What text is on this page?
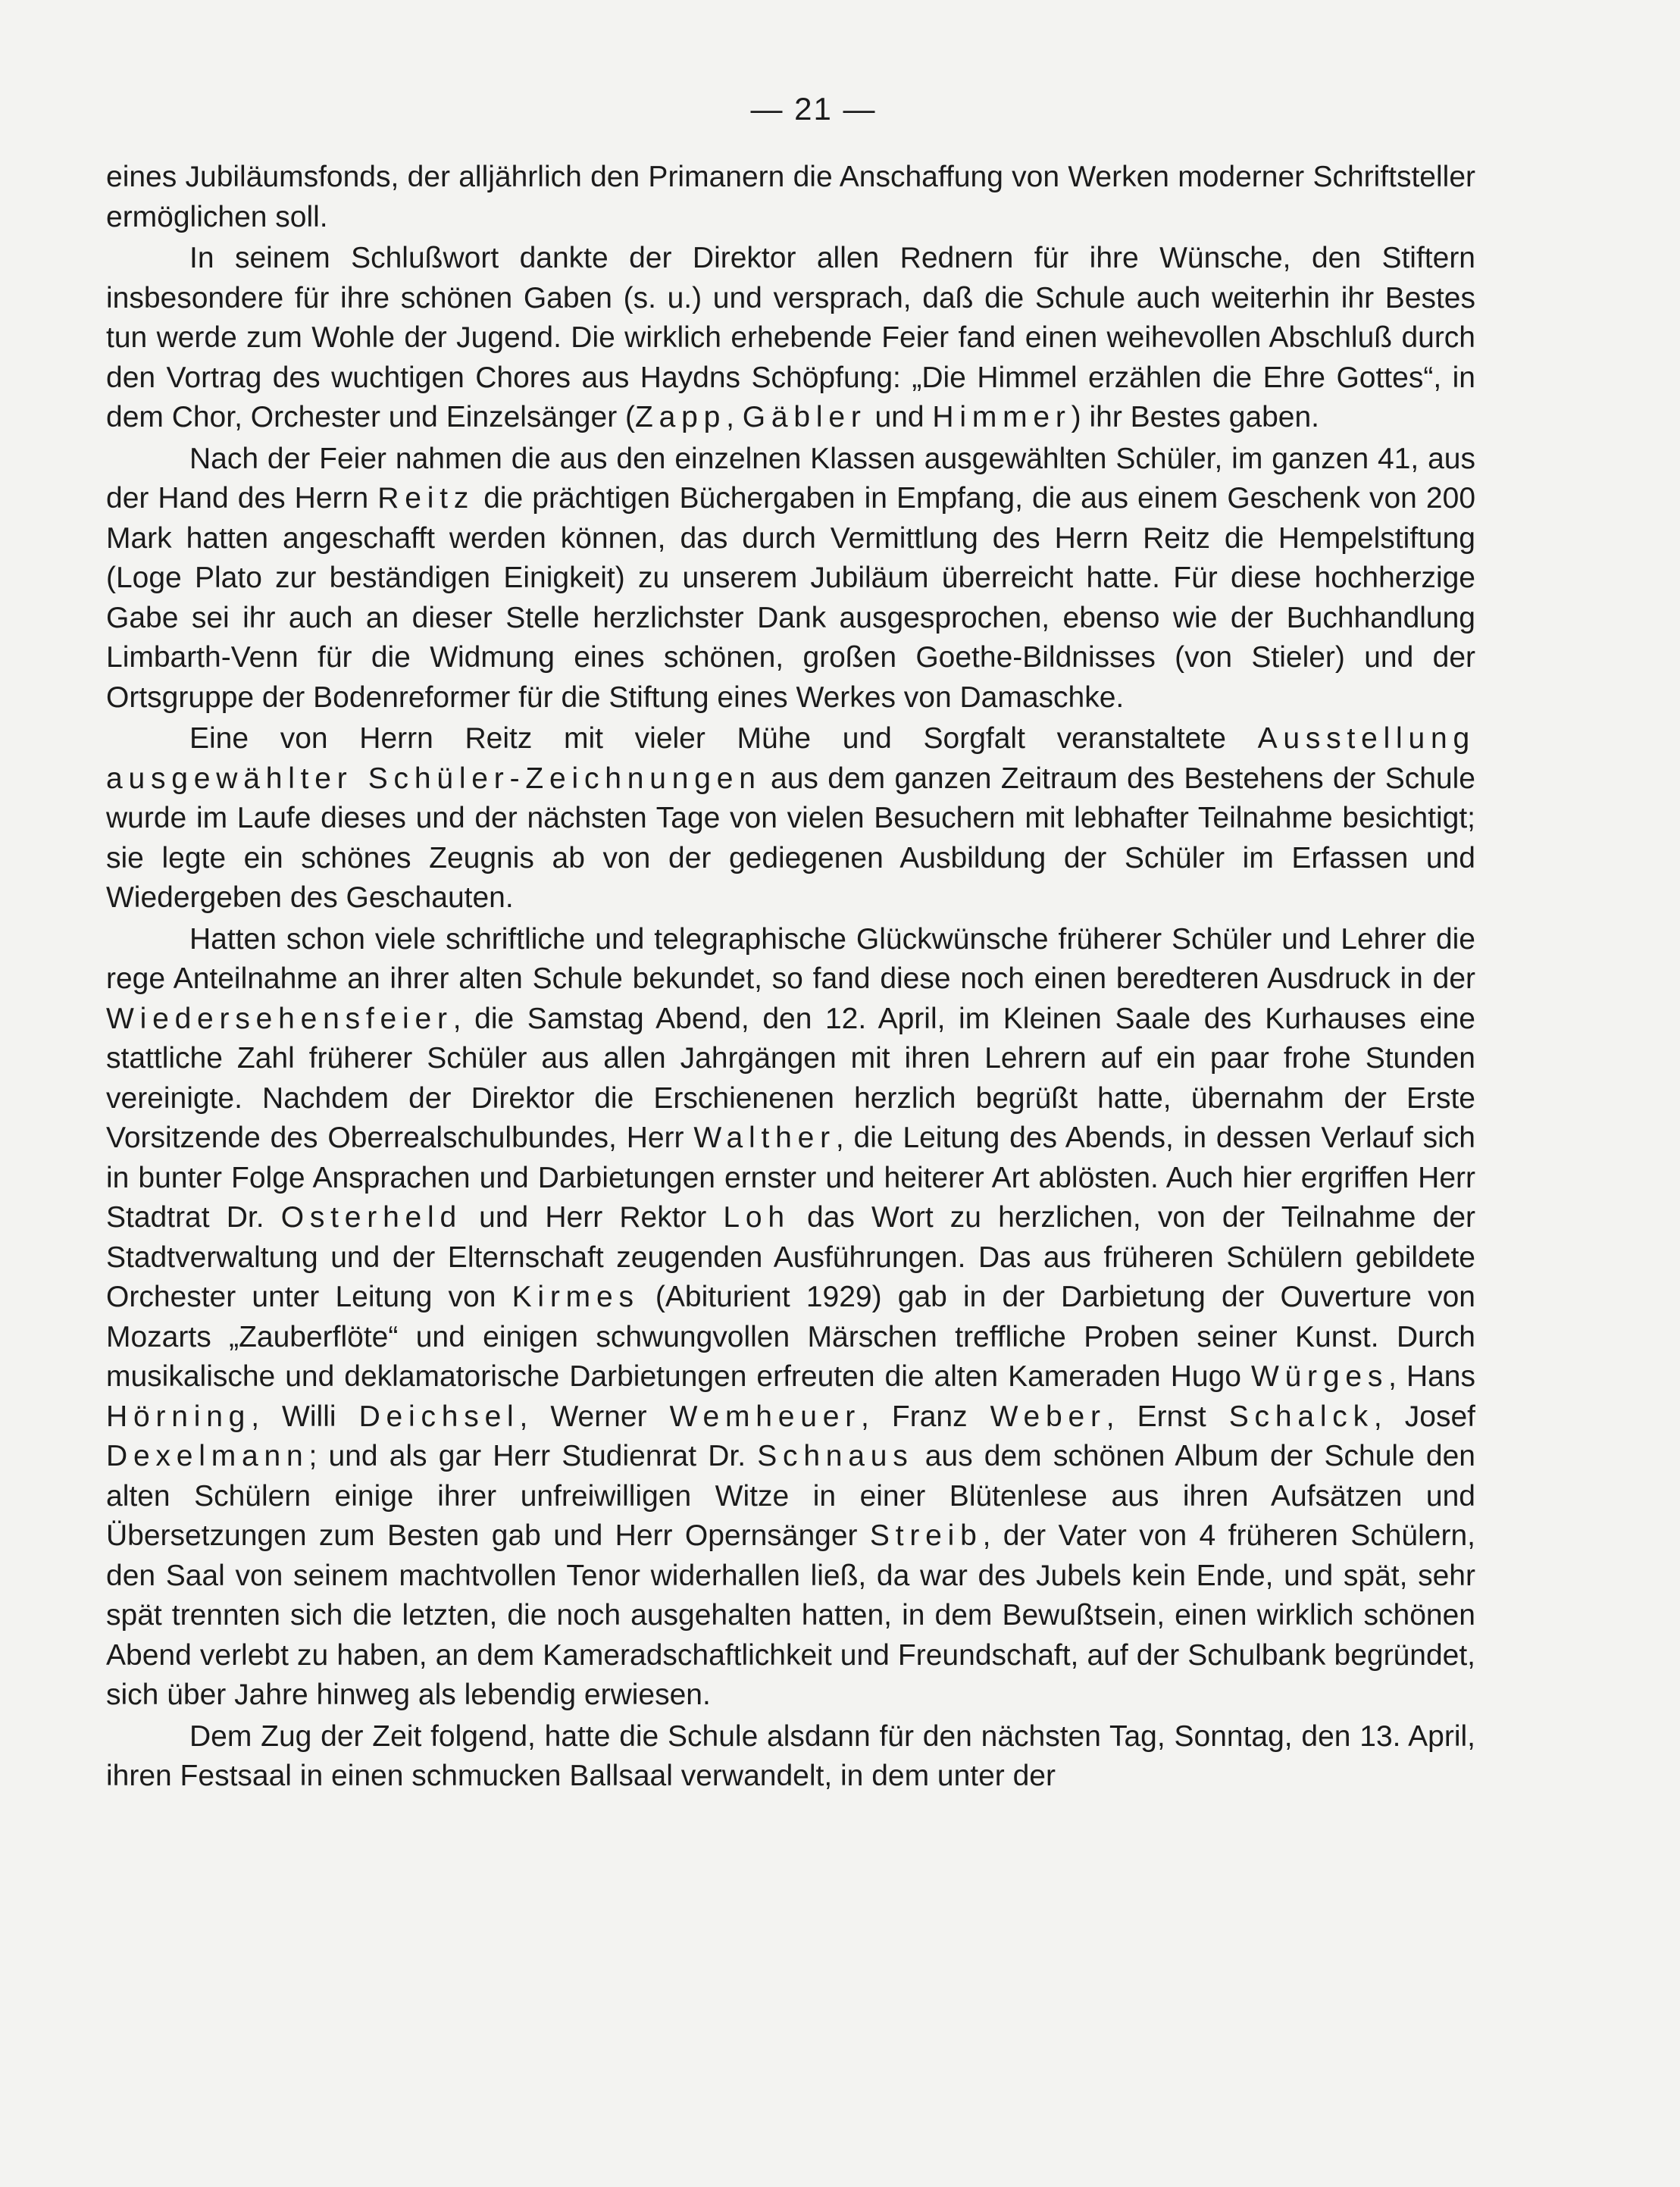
— 21 —

eines Jubiläumsfonds, der alljährlich den Primanern die Anschaffung von Werken moderner Schriftsteller ermöglichen soll.

In seinem Schlußwort dankte der Direktor allen Rednern für ihre Wünsche, den Stiftern insbesondere für ihre schönen Gaben (s. u.) und versprach, daß die Schule auch weiterhin ihr Bestes tun werde zum Wohle der Jugend. Die wirklich erhebende Feier fand einen weihevollen Abschluß durch den Vortrag des wuchtigen Chores aus Haydns Schöpfung: „Die Himmel erzählen die Ehre Gottes“, in dem Chor, Orchester und Einzelsänger (Zapp, Gäbler und Himmer) ihr Bestes gaben.

Nach der Feier nahmen die aus den einzelnen Klassen ausgewählten Schüler, im ganzen 41, aus der Hand des Herrn Reitz die prächtigen Büchergaben in Empfang, die aus einem Geschenk von 200 Mark hatten angeschafft werden können, das durch Vermittlung des Herrn Reitz die Hempelstiftung (Loge Plato zur beständigen Einigkeit) zu unserem Jubiläum überreicht hatte. Für diese hochherzige Gabe sei ihr auch an dieser Stelle herzlichster Dank ausgesprochen, ebenso wie der Buchhandlung Limbarth-Venn für die Widmung eines schönen, großen Goethe-Bildnisses (von Stieler) und der Ortsgruppe der Bodenreformer für die Stiftung eines Werkes von Damaschke.

Eine von Herrn Reitz mit vieler Mühe und Sorgfalt veranstaltete Ausstellung ausgewählter Schüler-Zeichnungen aus dem ganzen Zeitraum des Bestehens der Schule wurde im Laufe dieses und der nächsten Tage von vielen Besuchern mit lebhafter Teilnahme besichtigt; sie legte ein schönes Zeugnis ab von der gediegenen Ausbildung der Schüler im Erfassen und Wiedergeben des Geschauten.

Hatten schon viele schriftliche und telegraphische Glückwünsche früherer Schüler und Lehrer die rege Anteilnahme an ihrer alten Schule bekundet, so fand diese noch einen beredteren Ausdruck in der Wiedersehensfeier, die Samstag Abend, den 12. April, im Kleinen Saale des Kurhauses eine stattliche Zahl früherer Schüler aus allen Jahrgängen mit ihren Lehrern auf ein paar frohe Stunden vereinigte. Nachdem der Direktor die Erschienenen herzlich begrüßt hatte, übernahm der Erste Vorsitzende des Oberrealschulbundes, Herr Walther, die Leitung des Abends, in dessen Verlauf sich in bunter Folge Ansprachen und Darbietungen ernster und heiterer Art ablösten. Auch hier ergriffen Herr Stadtrat Dr. Osterheld und Herr Rektor Loh das Wort zu herzlichen, von der Teilnahme der Stadtverwaltung und der Elternschaft zeugenden Ausführungen. Das aus früheren Schülern gebildete Orchester unter Leitung von Kirmes (Abiturient 1929) gab in der Darbietung der Ouverture von Mozarts „Zauberflöte“ und einigen schwungvollen Märschen treffliche Proben seiner Kunst. Durch musikalische und deklamatorische Darbietungen erfreuten die alten Kameraden Hugo Würges, Hans Hörning, Willi Deichsel, Werner Wemheuer, Franz Weber, Ernst Schalck, Josef Dexelmann; und als gar Herr Studienrat Dr. Schnaus aus dem schönen Album der Schule den alten Schülern einige ihrer unfreiwilligen Witze in einer Blütenlese aus ihren Aufsätzen und Übersetzungen zum Besten gab und Herr Opernsänger Streib, der Vater von 4 früheren Schülern, den Saal von seinem machtvollen Tenor widerhallen ließ, da war des Jubels kein Ende, und spät, sehr spät trennten sich die letzten, die noch ausgehalten hatten, in dem Bewußtsein, einen wirklich schönen Abend verlebt zu haben, an dem Kameradschaftlichkeit und Freundschaft, auf der Schulbank begründet, sich über Jahre hinweg als lebendig erwiesen.

Dem Zug der Zeit folgend, hatte die Schule alsdann für den nächsten Tag, Sonntag, den 13. April, ihren Festsaal in einen schmucken Ballsaal verwandelt, in dem unter der
